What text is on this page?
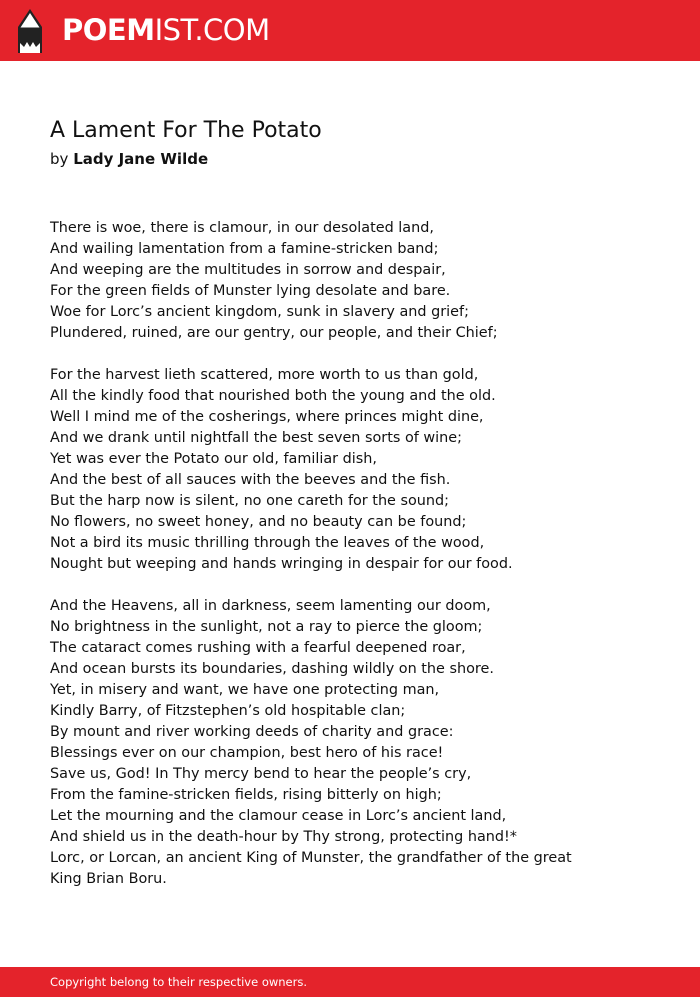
POEMIST.COM
A Lament For The Potato
by Lady Jane Wilde
There is woe, there is clamour, in our desolated land,
And wailing lamentation from a famine‐stricken band;
And weeping are the multitudes in sorrow and despair,
For the green fields of Munster lying desolate and bare.
Woe for Lorc’s ancient kingdom, sunk in slavery and grief;
Plundered, ruined, are our gentry, our people, and their Chief;
For the harvest lieth scattered, more worth to us than gold,
All the kindly food that nourished both the young and the old.
Well I mind me of the cosherings, where princes might dine,
And we drank until nightfall the best seven sorts of wine;
Yet was ever the Potato our old, familiar dish,
And the best of all sauces with the beeves and the fish.
But the harp now is silent, no one careth for the sound;
No flowers, no sweet honey, and no beauty can be found;
Not a bird its music thrilling through the leaves of the wood,
Nought but weeping and hands wringing in despair for our food.
And the Heavens, all in darkness, seem lamenting our doom,
No brightness in the sunlight, not a ray to pierce the gloom;
The cataract comes rushing with a fearful deepened roar,
And ocean bursts its boundaries, dashing wildly on the shore.
Yet, in misery and want, we have one protecting man,
Kindly Barry, of Fitzstephen’s old hospitable clan;
By mount and river working deeds of charity and grace:
Blessings ever on our champion, best hero of his race!
Save us, God! In Thy mercy bend to hear the people’s cry,
From the famine‐stricken fields, rising bitterly on high;
Let the mourning and the clamour cease in Lorc’s ancient land,
And shield us in the death‐hour by Thy strong, protecting hand!*
Lorc, or Lorcan, an ancient King of Munster, the grandfather of the great
King Brian Boru.
Copyright belong to their respective owners.
